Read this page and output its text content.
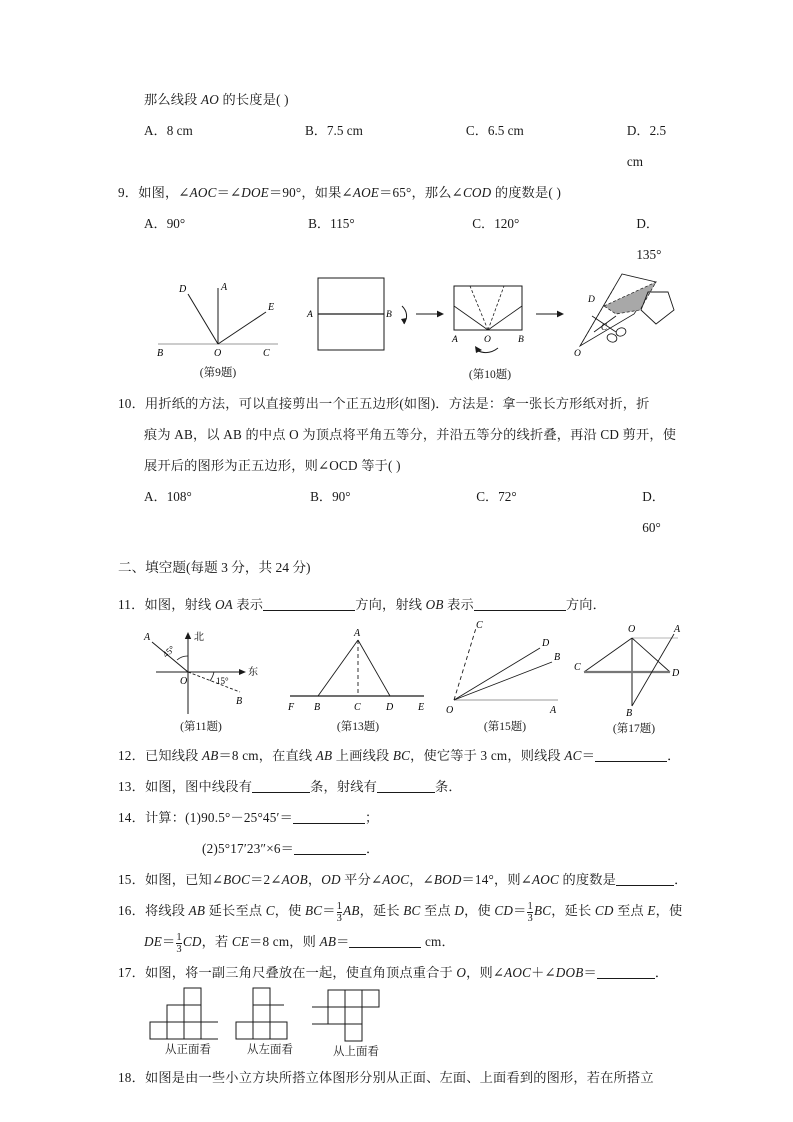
那么线段 AO 的长度是( )
A．8 cm	B．7.5 cm	C．6.5 cm	D．2.5 cm
9．如图，∠AOC＝∠DOE＝90°，如果∠AOE＝65°，那么∠COD 的度数是( )
A．90°	B．115°	C．120°	D．135°
D	A
E
B	O	C
(第9题)
A	B
A	O	B
D
C
O
(第10题)
10．用折纸的方法，可以直接剪出一个正五边形(如图)．方法是：拿一张长方形纸对折，折
痕为 AB，以 AB 的中点 O 为顶点将平角五等分，并沿五等分的线折叠，再沿 CD 剪开，使
展开后的图形为正五边形，则∠OCD 等于( )
A．108°	B．90°	C．72°	D．60°
二、填空题(每题 3 分，共 24 分)
11．如图，射线 OA 表示	方向，射线 OB 表示	方向．
A	北
45°
O	15°
东
B
(第11题)
A
F B	C	D E
(第13题)
C
D
B
O	A
(第15题)
O	A
C
D
B
(第17题)
12．已知线段 AB＝8 cm，在直线 AB 上画线段 BC，使它等于 3 cm，则线段 AC＝	．
13．如图，图中线段有	条，射线有	条．
14．计算：(1)90.5°－25°45′＝	；
(2)5°17′23″×6＝	．
15．如图，已知∠BOC＝2∠AOB，OD 平分∠AOC，∠BOD＝14°，则∠AOC 的度数是	．
16．将线段 AB 延长至点 C，使 $BC= \frac{1}{3}$ AB，延长 BC 至点 D，使 $CD= \frac{1}{3}$ BC，延长 CD 至点 E，使
$DE= \frac{1}{3}$ CD，若 CE＝8 cm，则 AB＝	cm．
17．如图，将一副三角尺叠放在一起，使直角顶点重合于 O，则∠AOC＋∠DOB＝	．
从正面看	从左面看	从上面看
18．如图是由一些小立方块所搭立体图形分别从正面、左面、上面看到的图形，若在所搭立
